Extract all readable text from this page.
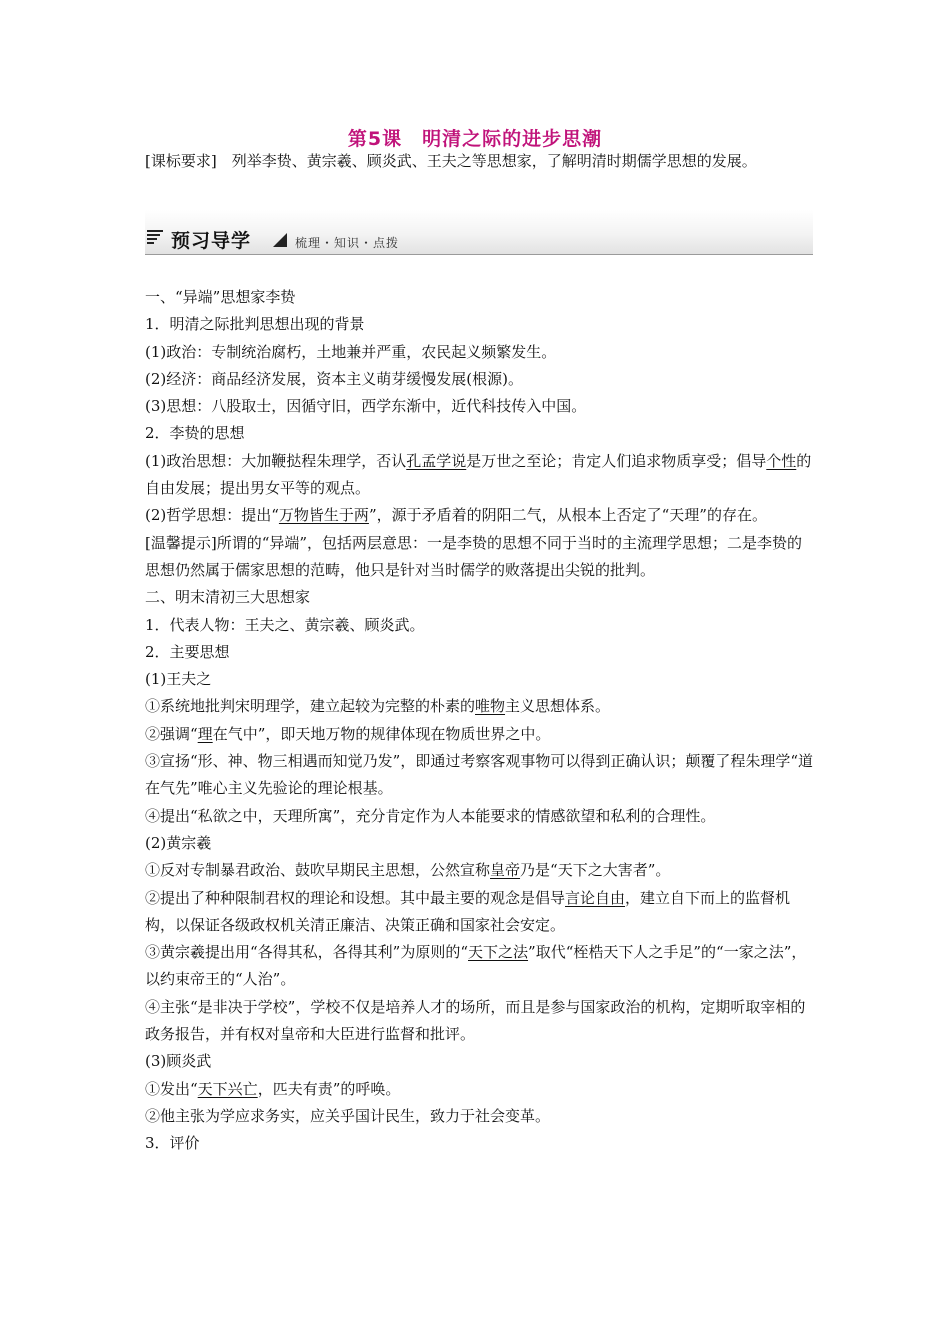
第5课　明清之际的进步思潮
[课标要求]　列举李贽、黄宗羲、顾炎武、王夫之等思想家，了解明清时期儒学思想的发展。
预习导学	梳理・知识・点拨
一、“异端”思想家李贽
1．明清之际批判思想出现的背景
(1)政治：专制统治腐朽，土地兼并严重，农民起义频繁发生。
(2)经济：商品经济发展，资本主义萌芽缓慢发展(根源)。
(3)思想：八股取士，因循守旧，西学东渐中，近代科技传入中国。
2．李贽的思想
(1)政治思想：大加鞭挞程朱理学，否认孔孟学说是万世之至论；肯定人们追求物质享受；倡导个性的自由发展；提出男女平等的观点。
(2)哲学思想：提出“万物皆生于两”，源于矛盾着的阴阳二气，从根本上否定了“天理”的存在。
[温馨提示]所谓的“异端”，包括两层意思：一是李贽的思想不同于当时的主流理学思想；二是李贽的思想仍然属于儒家思想的范畴，他只是针对当时儒学的败落提出尖锐的批判。
二、明末清初三大思想家
1．代表人物：王夫之、黄宗羲、顾炎武。
2．主要思想
(1)王夫之
①系统地批判宋明理学，建立起较为完整的朴素的唯物主义思想体系。
②强调“理在气中”，即天地万物的规律体现在物质世界之中。
③宣扬“形、神、物三相遇而知觉乃发”，即通过考察客观事物可以得到正确认识；颠覆了程朱理学“道在气先”唯心主义先验论的理论根基。
④提出“私欲之中，天理所寓”，充分肯定作为人本能要求的情感欲望和私利的合理性。
(2)黄宗羲
①反对专制暴君政治、鼓吹早期民主思想，公然宣称皇帝乃是“天下之大害者”。
②提出了种种限制君权的理论和设想。其中最主要的观念是倡导言论自由，建立自下而上的监督机构，以保证各级政权机关清正廉洁、决策正确和国家社会安定。
③黄宗羲提出用“各得其私，各得其利”为原则的“天下之法”取代“桎梏天下人之手足”的“一家之法”，以约束帝王的“人治”。
④主张“是非决于学校”，学校不仅是培养人才的场所，而且是参与国家政治的机构，定期听取宰相的政务报告，并有权对皇帝和大臣进行监督和批评。
(3)顾炎武
①发出“天下兴亡，匹夫有责”的呼唤。
②他主张为学应求务实，应关乎国计民生，致力于社会变革。
3．评价
